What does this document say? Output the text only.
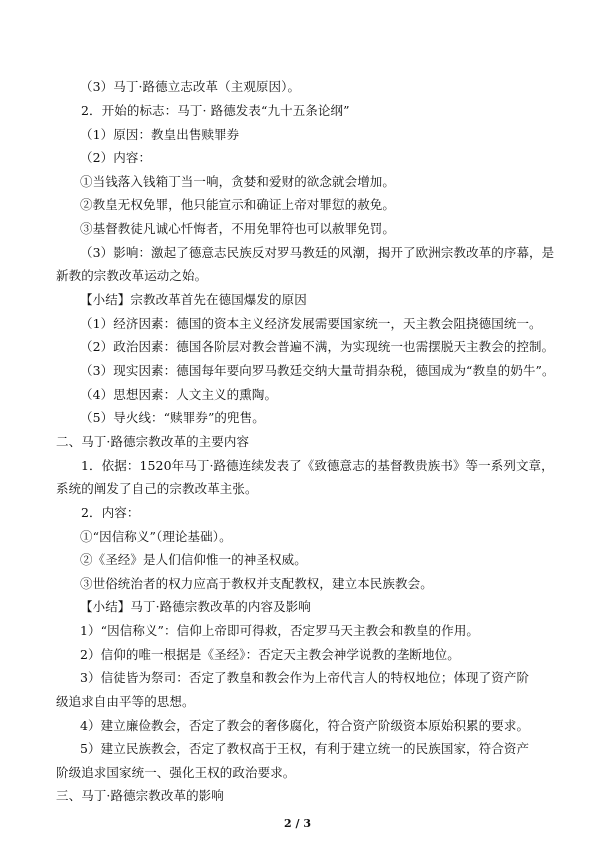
（3）马丁·路德立志改革（主观原因）。
2．开始的标志：马丁· 路德发表“九十五条论纲”
（1）原因：教皇出售赎罪券
（2）内容：
①当钱落入钱箱丁当一响，贪婪和爱财的欲念就会增加。
②教皇无权免罪，他只能宣示和确证上帝对罪愆的赦免。
③基督教徒凡诚心忏悔者，不用免罪符也可以赦罪免罚。
（3）影响：激起了德意志民族反对罗马教廷的风潮，揭开了欧洲宗教改革的序幕，是
新教的宗教改革运动之始。
【小结】宗教改革首先在德国爆发的原因
（1）经济因素：德国的资本主义经济发展需要国家统一，天主教会阻挠德国统一。
（2）政治因素：德国各阶层对教会普遍不满，为实现统一也需摆脱天主教会的控制。
（3）现实因素：德国每年要向罗马教廷交纳大量苛捐杂税，德国成为“教皇的奶牛”。
（4）思想因素：人文主义的熏陶。
（5）导火线：“赎罪券”的兜售。
二、马丁·路德宗教改革的主要内容
1．依据：1520年马丁·路德连续发表了《致德意志的基督教贵族书》等一系列文章，
系统的阐发了自己的宗教改革主张。
2．内容：
①“因信称义”（理论基础）。
②《圣经》是人们信仰惟一的神圣权威。
③世俗统治者的权力应高于教权并支配教权，建立本民族教会。
【小结】马丁·路德宗教改革的内容及影响
1）“因信称义”：信仰上帝即可得救，否定罗马天主教会和教皇的作用。
2）信仰的唯一根据是《圣经》：否定天主教会神学说教的垄断地位。
3）信徒皆为祭司：否定了教皇和教会作为上帝代言人的特权地位；体现了资产阶
级追求自由平等的思想。
4）建立廉俭教会，否定了教会的奢侈腐化，符合资产阶级资本原始积累的要求。
5）建立民族教会，否定了教权高于王权，有利于建立统一的民族国家，符合资产
阶级追求国家统一、强化王权的政治要求。
三、马丁·路德宗教改革的影响
2 / 3
